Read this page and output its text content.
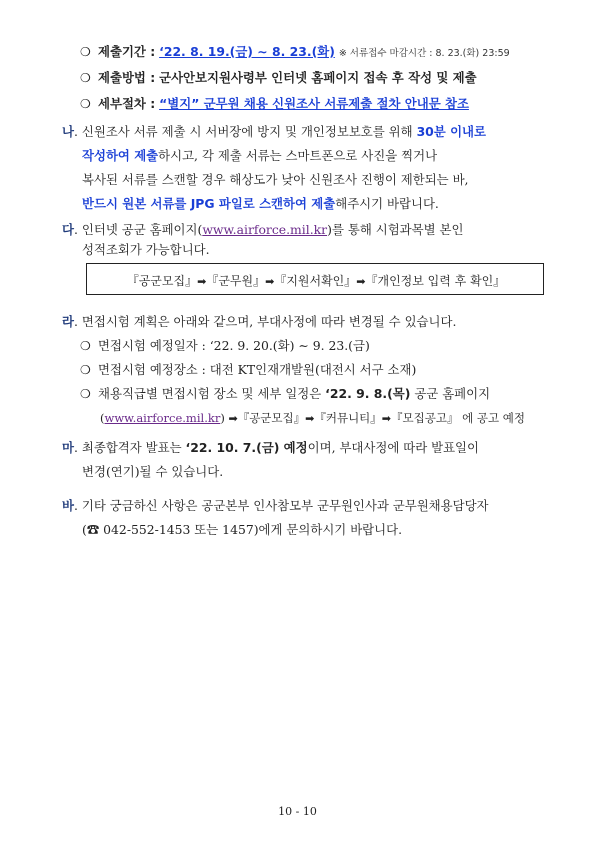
❍ 제출기간 : ‘22. 8. 19.(금) ∼ 8. 23.(화) ※ 서류접수 마감시간 : 8. 23.(화) 23:59
❍ 제출방법 : 군사안보지원사령부 인터넷 홈페이지 접속 후 작성 및 제출
❍ 세부절차 : “별지” 군무원 채용 신원조사 서류제출 절차 안내문 참조
나. 신원조사 서류 제출 시 서버장에 방지 및 개인정보보호를 위해 30분 이내로
작성하여 제출하시고, 각 제출 서류는 스마트폰으로 사진을 찍거나
복사된 서류를 스캔할 경우 해상도가 낮아 신원조사 진행이 제한되는 바,
반드시 원본 서류를 JPG 파일로 스캔하여 제출해주시기 바랍니다.
다. 인터넷 공군 홈페이지(www.airforce.mil.kr)를 통해 시험과목별 본인
성적조회가 가능합니다.
『공군모집』➡『군무원』➡『지원서확인』➡『개인정보 입력 후 확인』
라. 면접시험 계획은 아래와 같으며, 부대사정에 따라 변경될 수 있습니다.
❍ 면접시험 예정일자 : ‘22. 9. 20.(화) ∼ 9. 23.(금)
❍ 면접시험 예정장소 : 대전 KT인재개발원(대전시 서구 소재)
❍ 채용직급별 면접시험 장소 및 세부 일정은 ‘22. 9. 8.(목) 공군 홈페이지
(www.airforce.mil.kr) ➡『공군모집』➡『커뮤니티』➡『모집공고』 에 공고 예정
마. 최종합격자 발표는 ‘22. 10. 7.(금) 예정이며, 부대사정에 따라 발표일이
변경(연기)될 수 있습니다.
바. 기타 궁금하신 사항은 공군본부 인사참모부 군무원인사과 군무원채용담당자
(☎ 042-552-1453 또는 1457)에게 문의하시기 바랍니다.
10 - 10
